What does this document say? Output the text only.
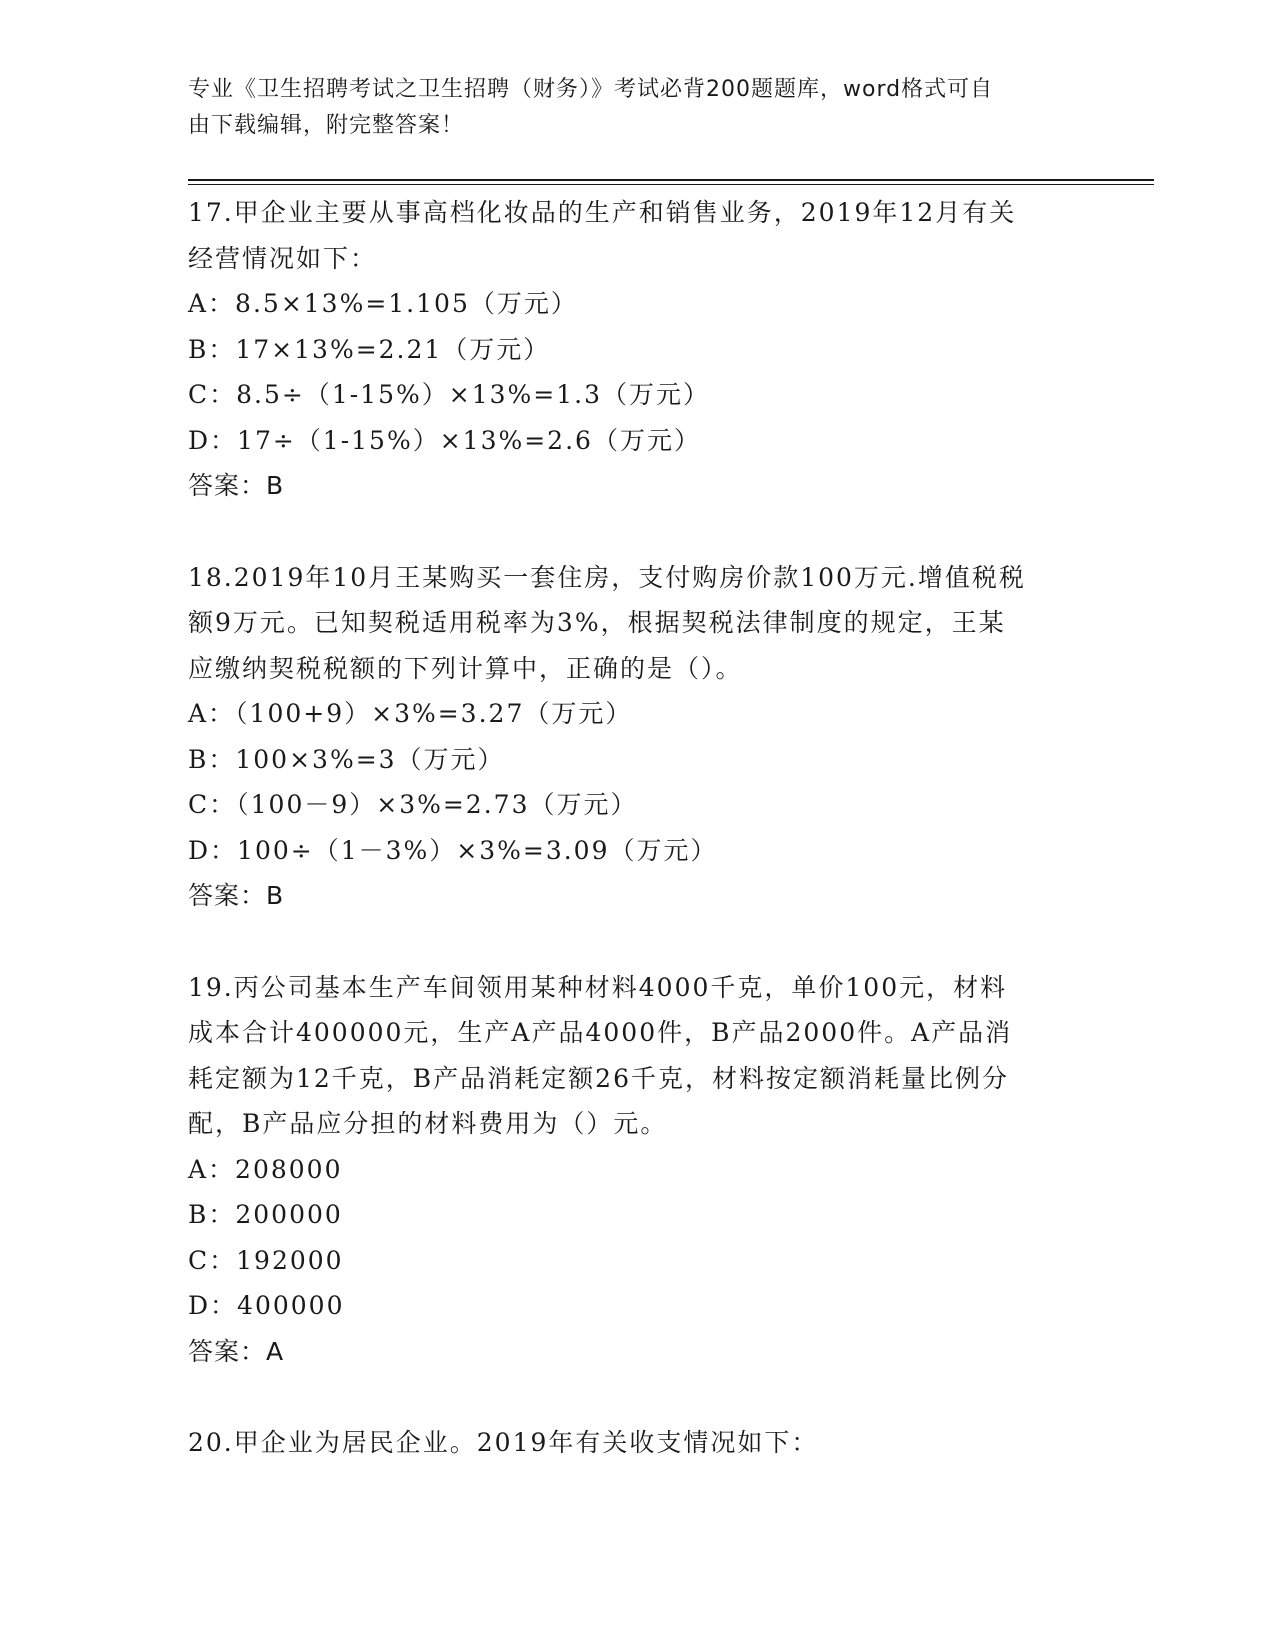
专业《卫生招聘考试之卫生招聘（财务）》考试必背200题题库，word格式可自
由下载编辑，附完整答案！

17.甲企业主要从事高档化妆品的生产和销售业务，2019年12月有关

经营情况如下：

A：8.5×13%=1.105（万元）

B：17×13%=2.21（万元）

C：8.5÷（1-15%）×13%=1.3（万元）

D：17÷（1-15%）×13%=2.6（万元）

答案：B

18.2019年10月王某购买一套住房，支付购房价款100万元.增值税税

额9万元。已知契税适用税率为3%，根据契税法律制度的规定，王某

应缴纳契税税额的下列计算中，正确的是（）。

A：（100+9）×3%=3.27（万元）

B：100×3%=3（万元）

C：（100－9）×3%=2.73（万元）

D：100÷（1－3%）×3%=3.09（万元）

答案：B

19.丙公司基本生产车间领用某种材料4000千克，单价100元，材料

成本合计400000元，生产A产品4000件，B产品2000件。A产品消

耗定额为12千克，B产品消耗定额26千克，材料按定额消耗量比例分

配，B产品应分担的材料费用为（）元。

A：208000

B：200000

C：192000

D：400000

答案：A

20.甲企业为居民企业。2019年有关收支情况如下：
